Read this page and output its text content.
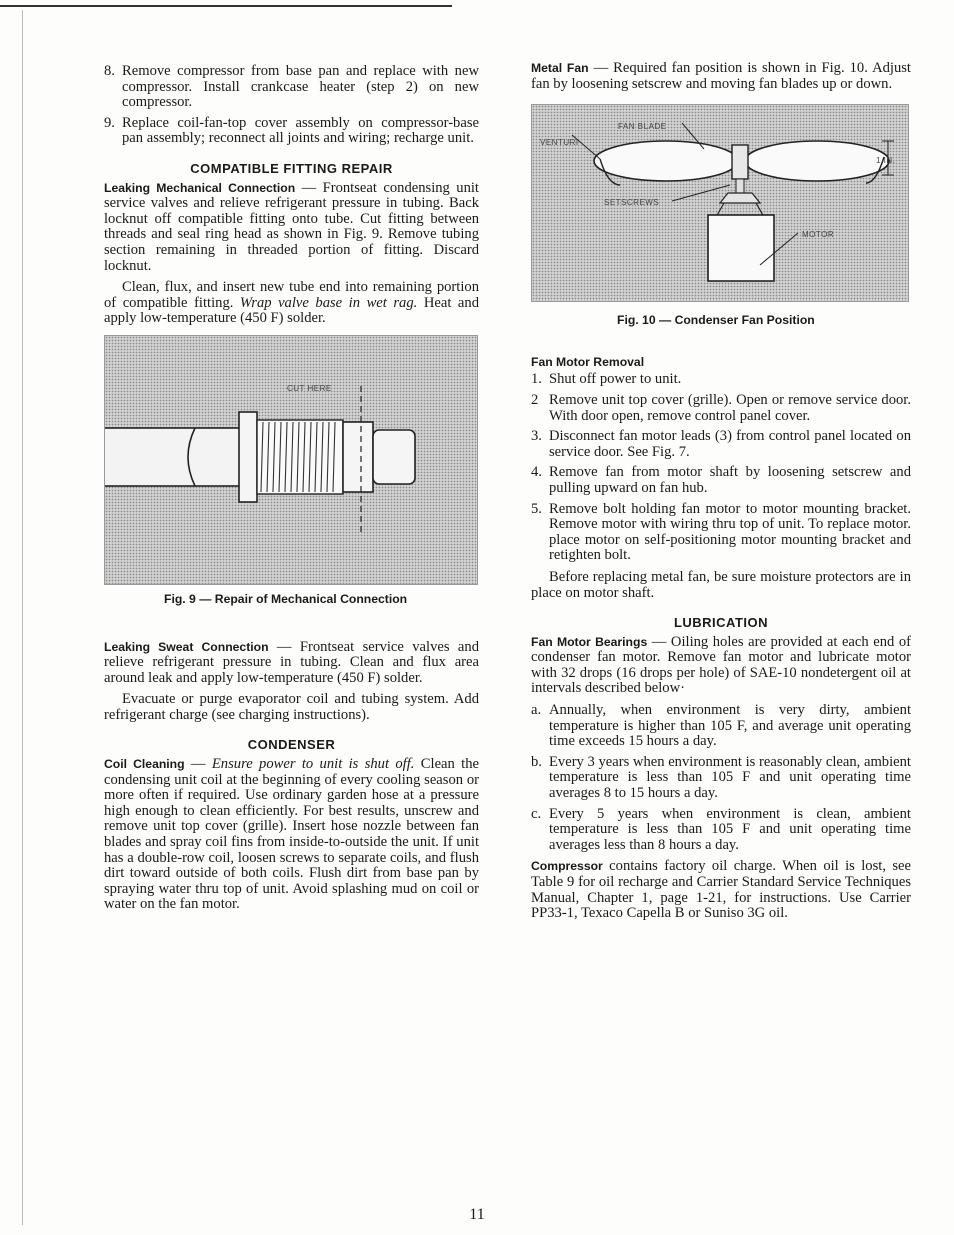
8. Remove compressor from base pan and replace with new compressor. Install crankcase heater (step 2) on new compressor.
9. Replace coil-fan-top cover assembly on compressor-base pan assembly; reconnect all joints and wiring; recharge unit.
COMPATIBLE FITTING REPAIR

Leaking Mechanical Connection — Frontseat condensing unit service valves and relieve refrigerant pressure in tubing. Back locknut off compatible fitting onto tube. Cut fitting between threads and seal ring head as shown in Fig. 9. Remove tubing section remaining in threaded portion of fitting. Discard locknut.

Clean, flux, and insert new tube end into remaining portion of compatible fitting. Wrap valve base in wet rag. Heat and apply low-temperature (450 F) solder.

CUT HERE
Fig. 9 — Repair of Mechanical Connection

Leaking Sweat Connection — Frontseat service valves and relieve refrigerant pressure in tubing. Clean and flux area around leak and apply low-temperature (450 F) solder.

Evacuate or purge evaporator coil and tubing system. Add refrigerant charge (see charging instructions).

CONDENSER

Coil Cleaning — Ensure power to unit is shut off. Clean the condensing unit coil at the beginning of every cooling season or more often if required. Use ordinary garden hose at a pressure high enough to clean efficiently. For best results, unscrew and remove unit top cover (grille). Insert hose nozzle between fan blades and spray coil fins from inside-to-outside the unit. If unit has a double-row coil, loosen screws to separate coils, and flush dirt toward outside of both coils. Flush dirt from base pan by spraying water thru top of unit. Avoid splashing mud on coil or water on the fan motor.

Metal Fan — Required fan position is shown in Fig. 10. Adjust fan by loosening setscrew and moving fan blades up or down.

FAN BLADE
VENTURI
SETSCREWS
MOTOR
1 IN.
Fig. 10 — Condenser Fan Position
Fan Motor Removal
1. Shut off power to unit.
2 Remove unit top cover (grille). Open or remove service door. With door open, remove control panel cover.
3. Disconnect fan motor leads (3) from control panel located on service door. See Fig. 7.
4. Remove fan from motor shaft by loosening setscrew and pulling upward on fan hub.
5. Remove bolt holding fan motor to motor mounting bracket. Remove motor with wiring thru top of unit. To replace motor. place motor on self-positioning motor mounting bracket and retighten bolt.

Before replacing metal fan, be sure moisture protectors are in place on motor shaft.

LUBRICATION

Fan Motor Bearings — Oiling holes are provided at each end of condenser fan motor. Remove fan motor and lubricate motor with 32 drops (16 drops per hole) of SAE-10 nondetergent oil at intervals described below·

a. Annually, when environment is very dirty, ambient temperature is higher than 105 F, and average unit operating time exceeds 15 hours a day.
b. Every 3 years when environment is reasonably clean, ambient temperature is less than 105 F and unit operating time averages 8 to 15 hours a day.
c. Every 5 years when environment is clean, ambient temperature is less than 105 F and unit operating time averages less than 8 hours a day.

Compressor contains factory oil charge. When oil is lost, see Table 9 for oil recharge and Carrier Standard Service Techniques Manual, Chapter 1, page 1-21, for instructions. Use Carrier PP33-1, Texaco Capella B or Suniso 3G oil.

11
